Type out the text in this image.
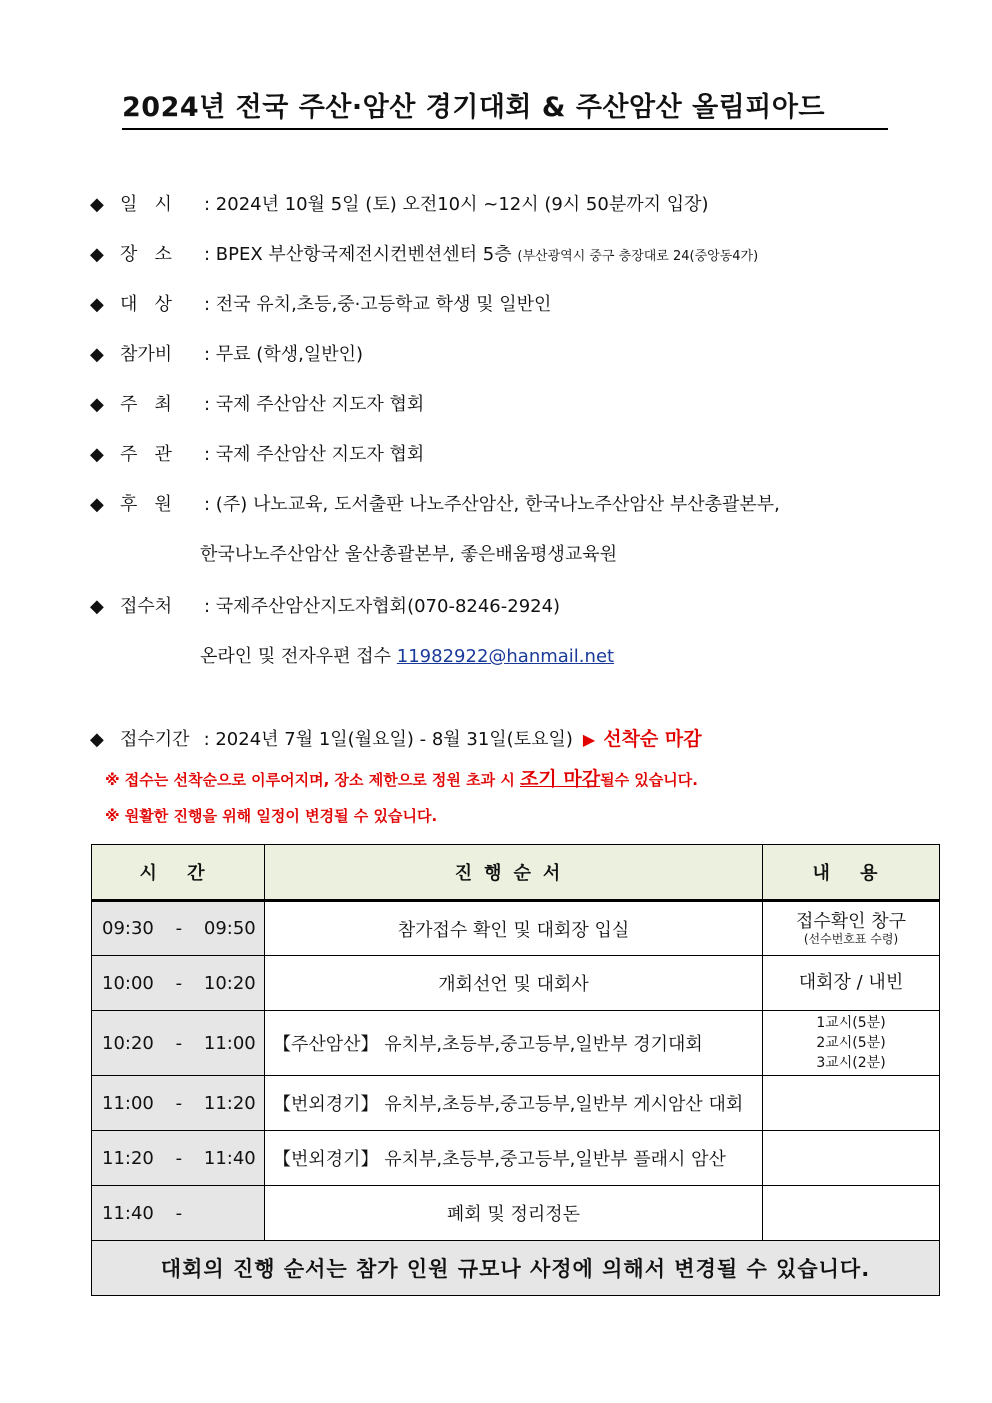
2024년 전국 주산·암산 경기대회 & 주산암산 올림피아드
◆ 일   시 : 2024년 10월 5일 (토) 오전10시 ~12시 (9시 50분까지 입장)
◆ 장   소 : BPEX 부산항국제전시컨벤션센터 5층 (부산광역시 중구 충장대로 24(중앙동4가)
◆ 대   상 : 전국 유치,초등,중·고등학교 학생 및 일반인
◆ 참가비 : 무료 (학생,일반인)
◆ 주   최 : 국제 주산암산 지도자 협회
◆ 주   관 : 국제 주산암산 지도자 협회
◆ 후   원 : (주) 나노교육, 도서출판 나노주산암산, 한국나노주산암산 부산총괄본부,
한국나노주산암산 울산총괄본부, 좋은배움평생교육원
◆ 접수처 : 국제주산암산지도자협회(070-8246-2924)
온라인 및 전자우편 접수 11982922@hanmail.net
◆ 접수기간 : 2024년 7월 1일(월요일) - 8월 31일(토요일) ▶ 선착순 마감
※ 접수는 선착순으로 이루어지며, 장소 제한으로 정원 초과 시 조기 마감될수 있습니다.
※ 원활한 진행을 위해 일정이 변경될 수 있습니다.
시 간	진행순서	내 용
09:30 - 09:50	참가접수 확인 및 대회장 입실	접수확인 창구
(선수번호표 수령)

10:00 - 10:20	개회선언 및 대회사	대회장 / 내빈
10:20 - 11:00	【주산암산】 유치부,초등부,중고등부,일반부 경기대회	1교시(5분)
2교시(5분)
3교시(2분)

11:00 - 11:20	【번외경기】 유치부,초등부,중고등부,일반부 게시암산 대회	
11:20 - 11:40	【번외경기】 유치부,초등부,중고등부,일반부 플래시 암산	
11:40 -	폐회 및 정리정돈	
대회의 진행 순서는 참가 인원 규모나 사정에 의해서 변경될 수 있습니다.		
